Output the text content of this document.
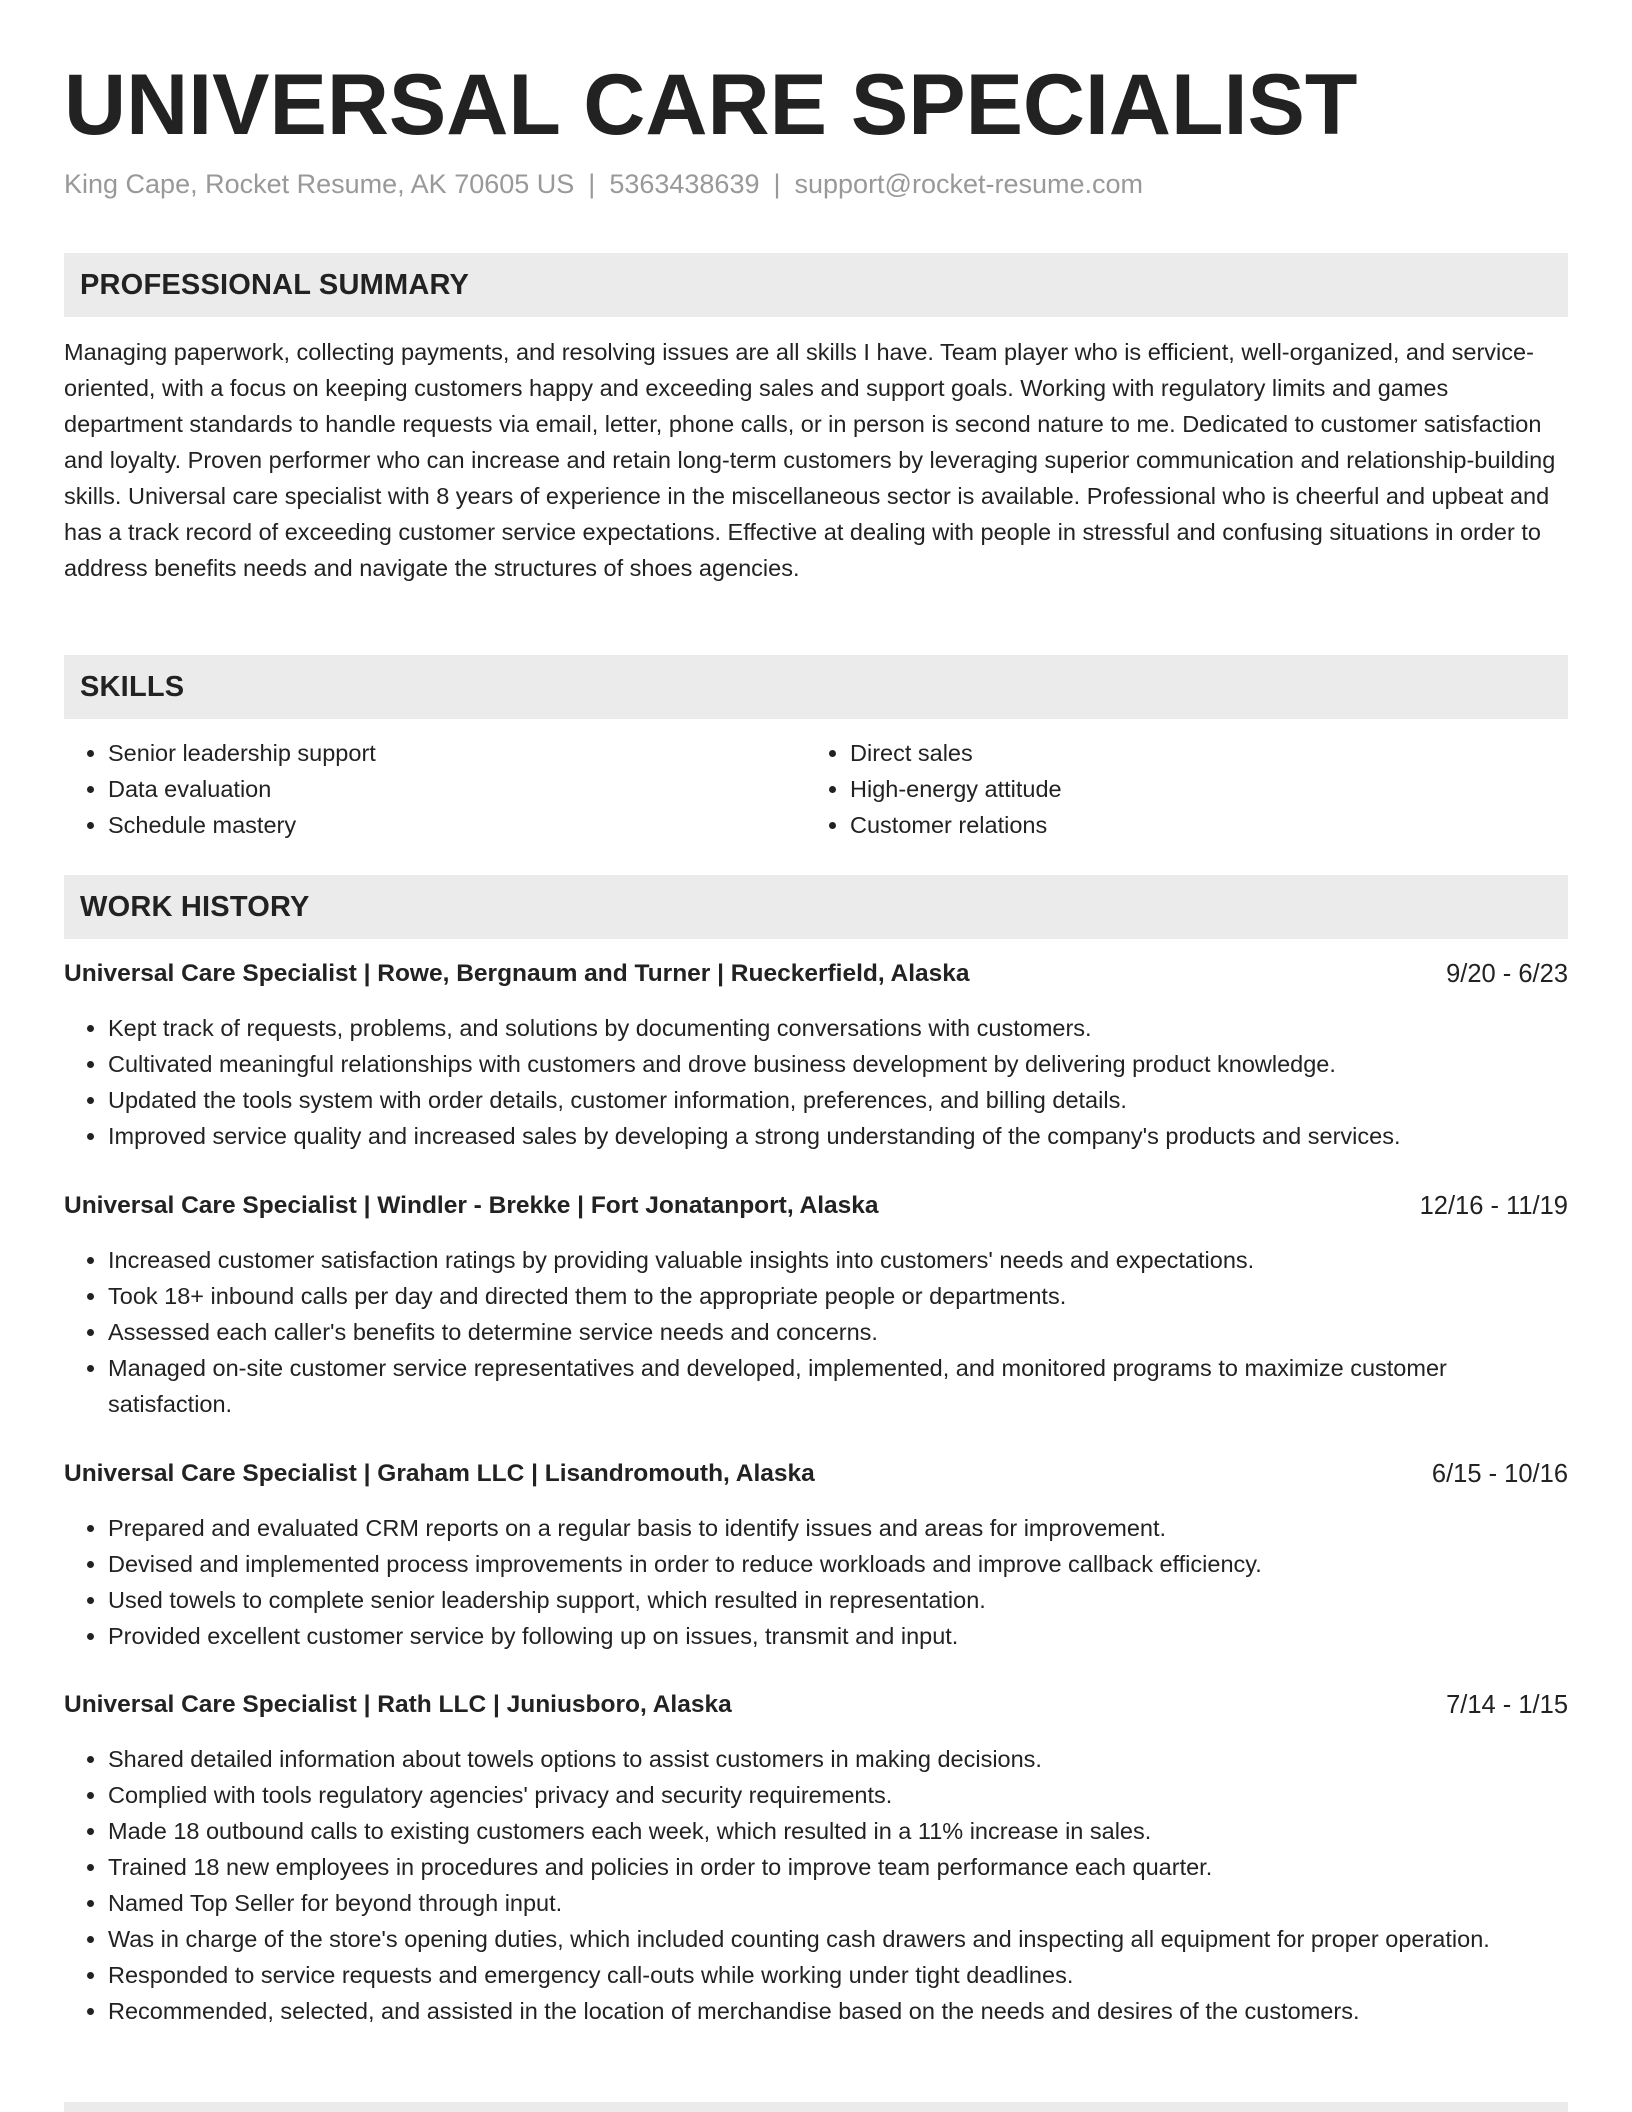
UNIVERSAL CARE SPECIALIST
King Cape, Rocket Resume, AK 70605 US | 5363438639 | support@rocket-resume.com
PROFESSIONAL SUMMARY

Managing paperwork, collecting payments, and resolving issues are all skills I have. Team player who is efficient, well-organized, and service-oriented, with a focus on keeping customers happy and exceeding sales and support goals. Working with regulatory limits and games department standards to handle requests via email, letter, phone calls, or in person is second nature to me. Dedicated to customer satisfaction and loyalty. Proven performer who can increase and retain long-term customers by leveraging superior communication and relationship-building skills. Universal care specialist with 8 years of experience in the miscellaneous sector is available. Professional who is cheerful and upbeat and has a track record of exceeding customer service expectations. Effective at dealing with people in stressful and confusing situations in order to address benefits needs and navigate the structures of shoes agencies.

SKILLS
• Senior leadership support
• Data evaluation
• Schedule mastery
• Direct sales
• High-energy attitude
• Customer relations
WORK HISTORY
Universal Care Specialist | Rowe, Bergnaum and Turner | Rueckerfield, Alaska	9/20 - 6/23
• Kept track of requests, problems, and solutions by documenting conversations with customers.
• Cultivated meaningful relationships with customers and drove business development by delivering product knowledge.
• Updated the tools system with order details, customer information, preferences, and billing details.
• Improved service quality and increased sales by developing a strong understanding of the company's products and services.
Universal Care Specialist | Windler - Brekke | Fort Jonatanport, Alaska	12/16 - 11/19
• Increased customer satisfaction ratings by providing valuable insights into customers' needs and expectations.
• Took 18+ inbound calls per day and directed them to the appropriate people or departments.
• Assessed each caller's benefits to determine service needs and concerns.
• Managed on-site customer service representatives and developed, implemented, and monitored programs to maximize customer satisfaction.
Universal Care Specialist | Graham LLC | Lisandromouth, Alaska	6/15 - 10/16
• Prepared and evaluated CRM reports on a regular basis to identify issues and areas for improvement.
• Devised and implemented process improvements in order to reduce workloads and improve callback efficiency.
• Used towels to complete senior leadership support, which resulted in representation.
• Provided excellent customer service by following up on issues, transmit and input.
Universal Care Specialist | Rath LLC | Juniusboro, Alaska	7/14 - 1/15
• Shared detailed information about towels options to assist customers in making decisions.
• Complied with tools regulatory agencies' privacy and security requirements.
• Made 18 outbound calls to existing customers each week, which resulted in a 11% increase in sales.
• Trained 18 new employees in procedures and policies in order to improve team performance each quarter.
• Named Top Seller for beyond through input.
• Was in charge of the store's opening duties, which included counting cash drawers and inspecting all equipment for proper operation.
• Responded to service requests and emergency call-outs while working under tight deadlines.
• Recommended, selected, and assisted in the location of merchandise based on the needs and desires of the customers.
